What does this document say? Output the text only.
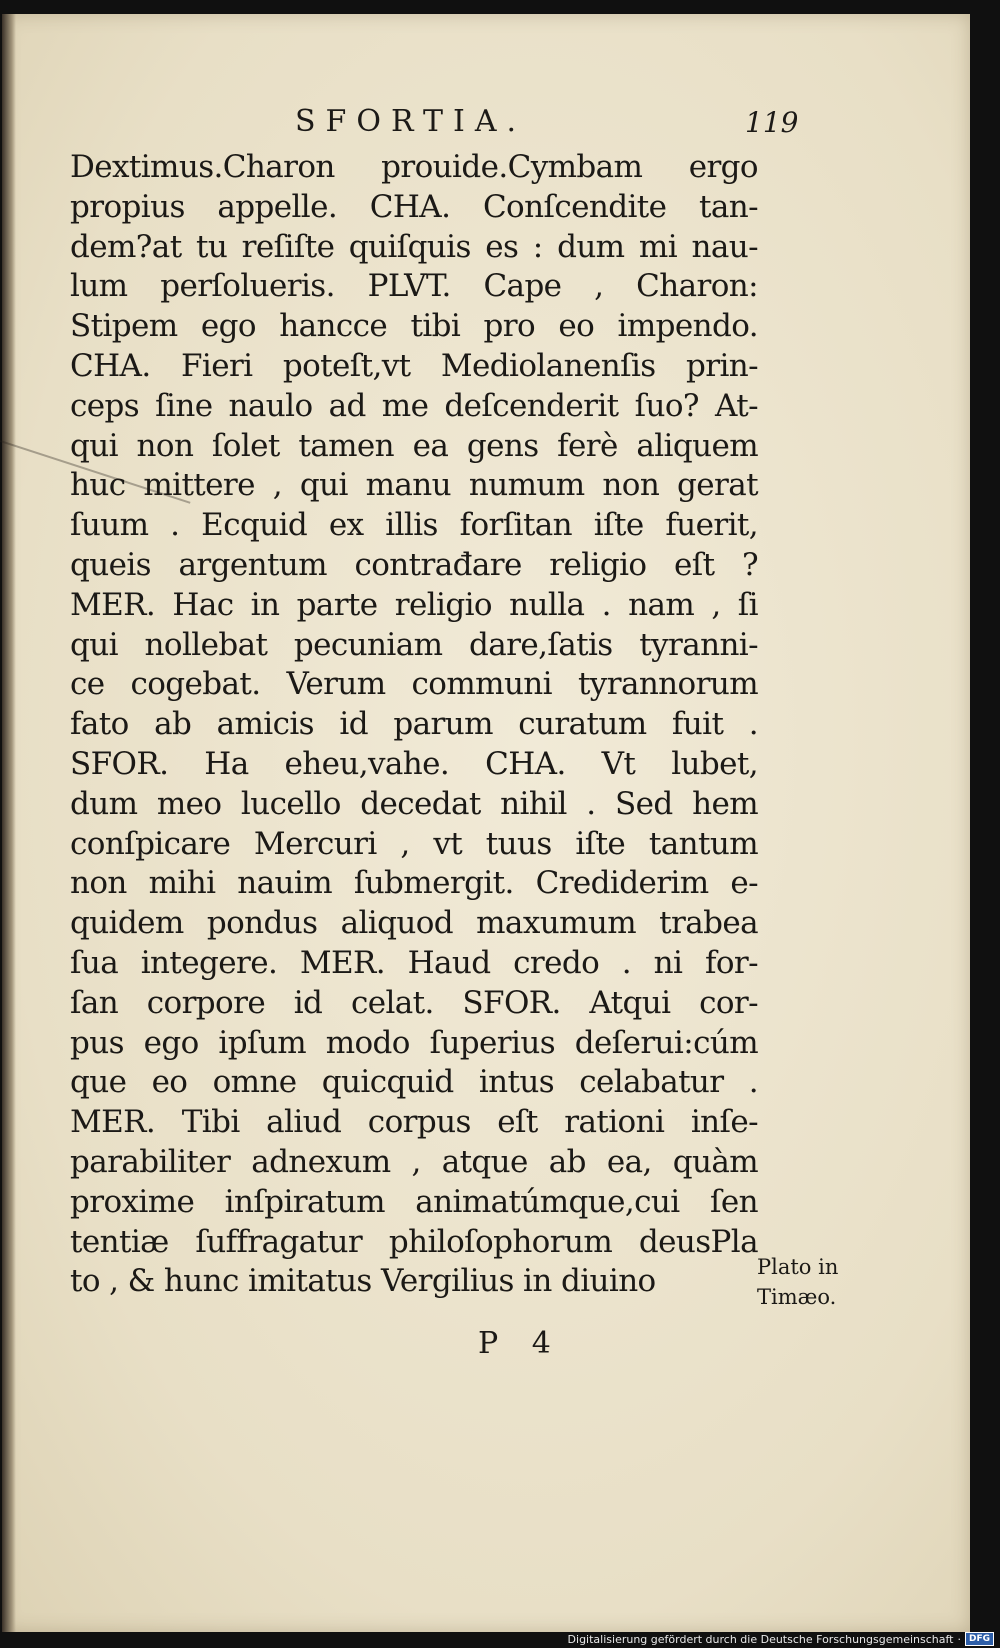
SFORTIA.	119
Dextimus.Charon prouide.Cymbam ergo
propius appelle. CHA. Conſcendite tan-
dem?at tu reſiſte quiſquis es : dum mi nau-
lum perſolueris. PLVT. Cape , Charon:
Stipem ego hancce tibi pro eo impendo.
CHA. Fieri poteſt,vt Mediolanenſis prin-
ceps ſine naulo ad me deſcenderit ſuo? At-
qui non ſolet tamen ea gens ferè aliquem
huc mittere , qui manu numum non gerat
ſuum . Ecquid ex illis forſitan iſte fuerit,
queis argentum contrađare religio eſt ?
MER. Hac in parte religio nulla . nam , ſi
qui nollebat pecuniam dare,ſatis tyranni-
ce cogebat. Verum communi tyrannorum
fato ab amicis id parum curatum fuit .
SFOR. Ha eheu,vahe. CHA. Vt lubet,
dum meo lucello decedat nihil . Sed hem
conſpicare Mercuri , vt tuus iſte tantum
non mihi nauim ſubmergit. Crediderim e-
quidem pondus aliquod maxumum trabea
ſua integere. MER. Haud credo . ni for-
ſan corpore id celat. SFOR. Atqui cor-
pus ego ipſum modo ſuperius deſerui:cúm
que eo omne quicquid intus celabatur .
MER. Tibi aliud corpus eſt rationi inſe-
parabiliter adnexum , atque ab ea, quàm
proxime inſpiratum animatúmque,cui ſen
tentiæ ſuffragatur philoſophorum deusPla
to , & hunc imitatus Vergilius in diuino	Plato in
Timæo.
P 4
Digitalisierung gefördert durch die Deutsche Forschungsgemeinschaft · DFG
